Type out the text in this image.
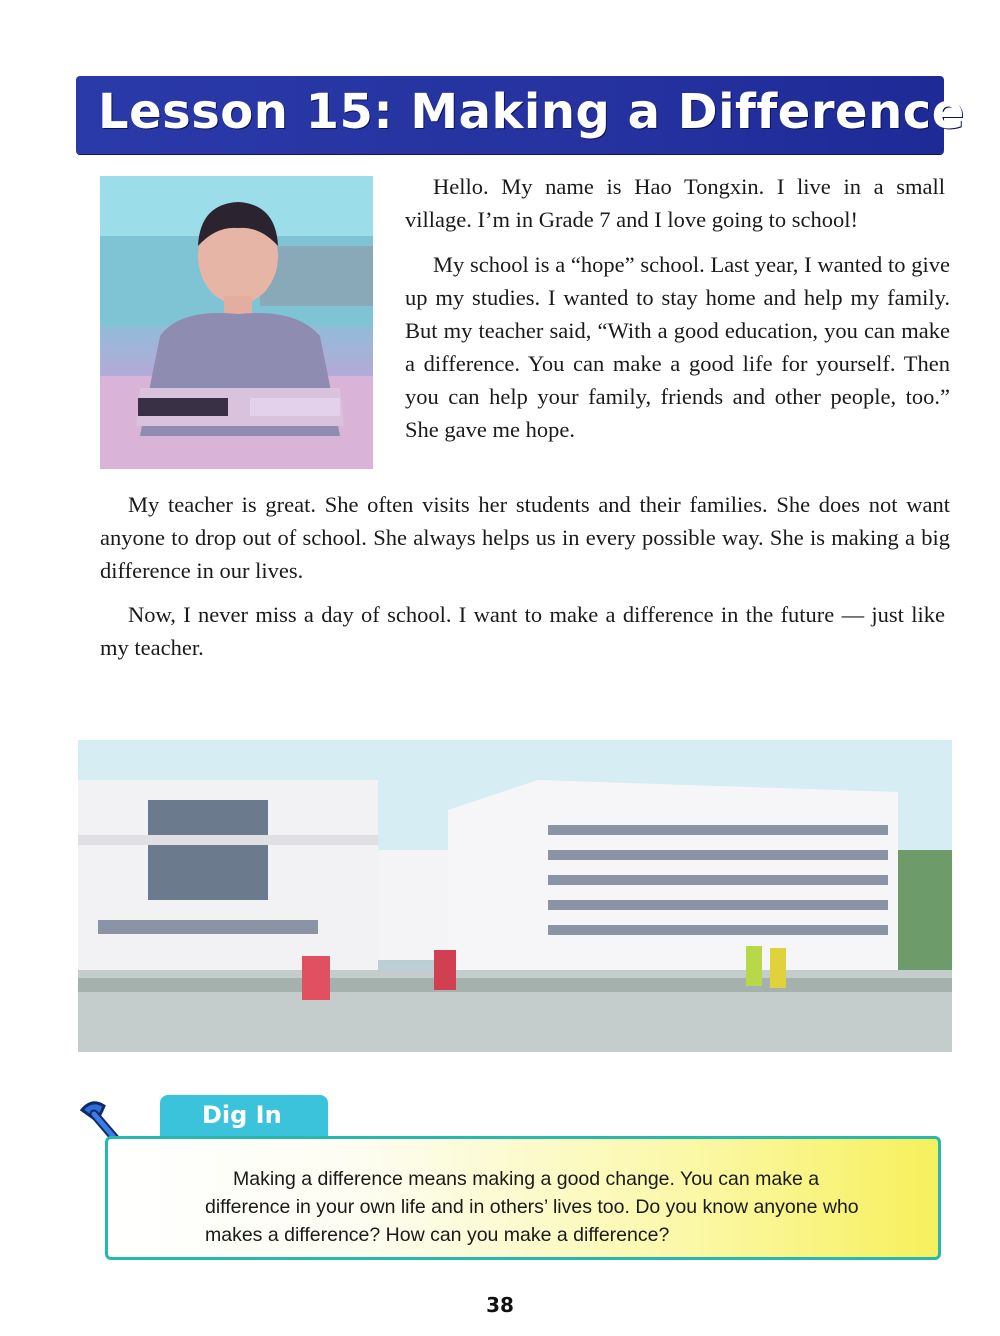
Lesson 15: Making a Difference

Hello. My name is Hao Tongxin. I live in a small village. I’m in Grade 7 and I love going to school!

My school is a “hope” school. Last year, I wanted to give up my studies. I wanted to stay home and help my family. But my teacher said, “With a good education, you can make a difference. You can make a good life for yourself. Then you can help your family, friends and other people, too.” She gave me hope.

My teacher is great. She often visits her students and their families. She does not want anyone to drop out of school. She always helps us in every possible way. She is making a big difference in our lives.

Now, I never miss a day of school. I want to make a difference in the future — just like my teacher.

Dig In

Making a difference means making a good change. You can make a difference in your own life and in others’ lives too. Do you know anyone who makes a difference? How can you make a difference?

38
